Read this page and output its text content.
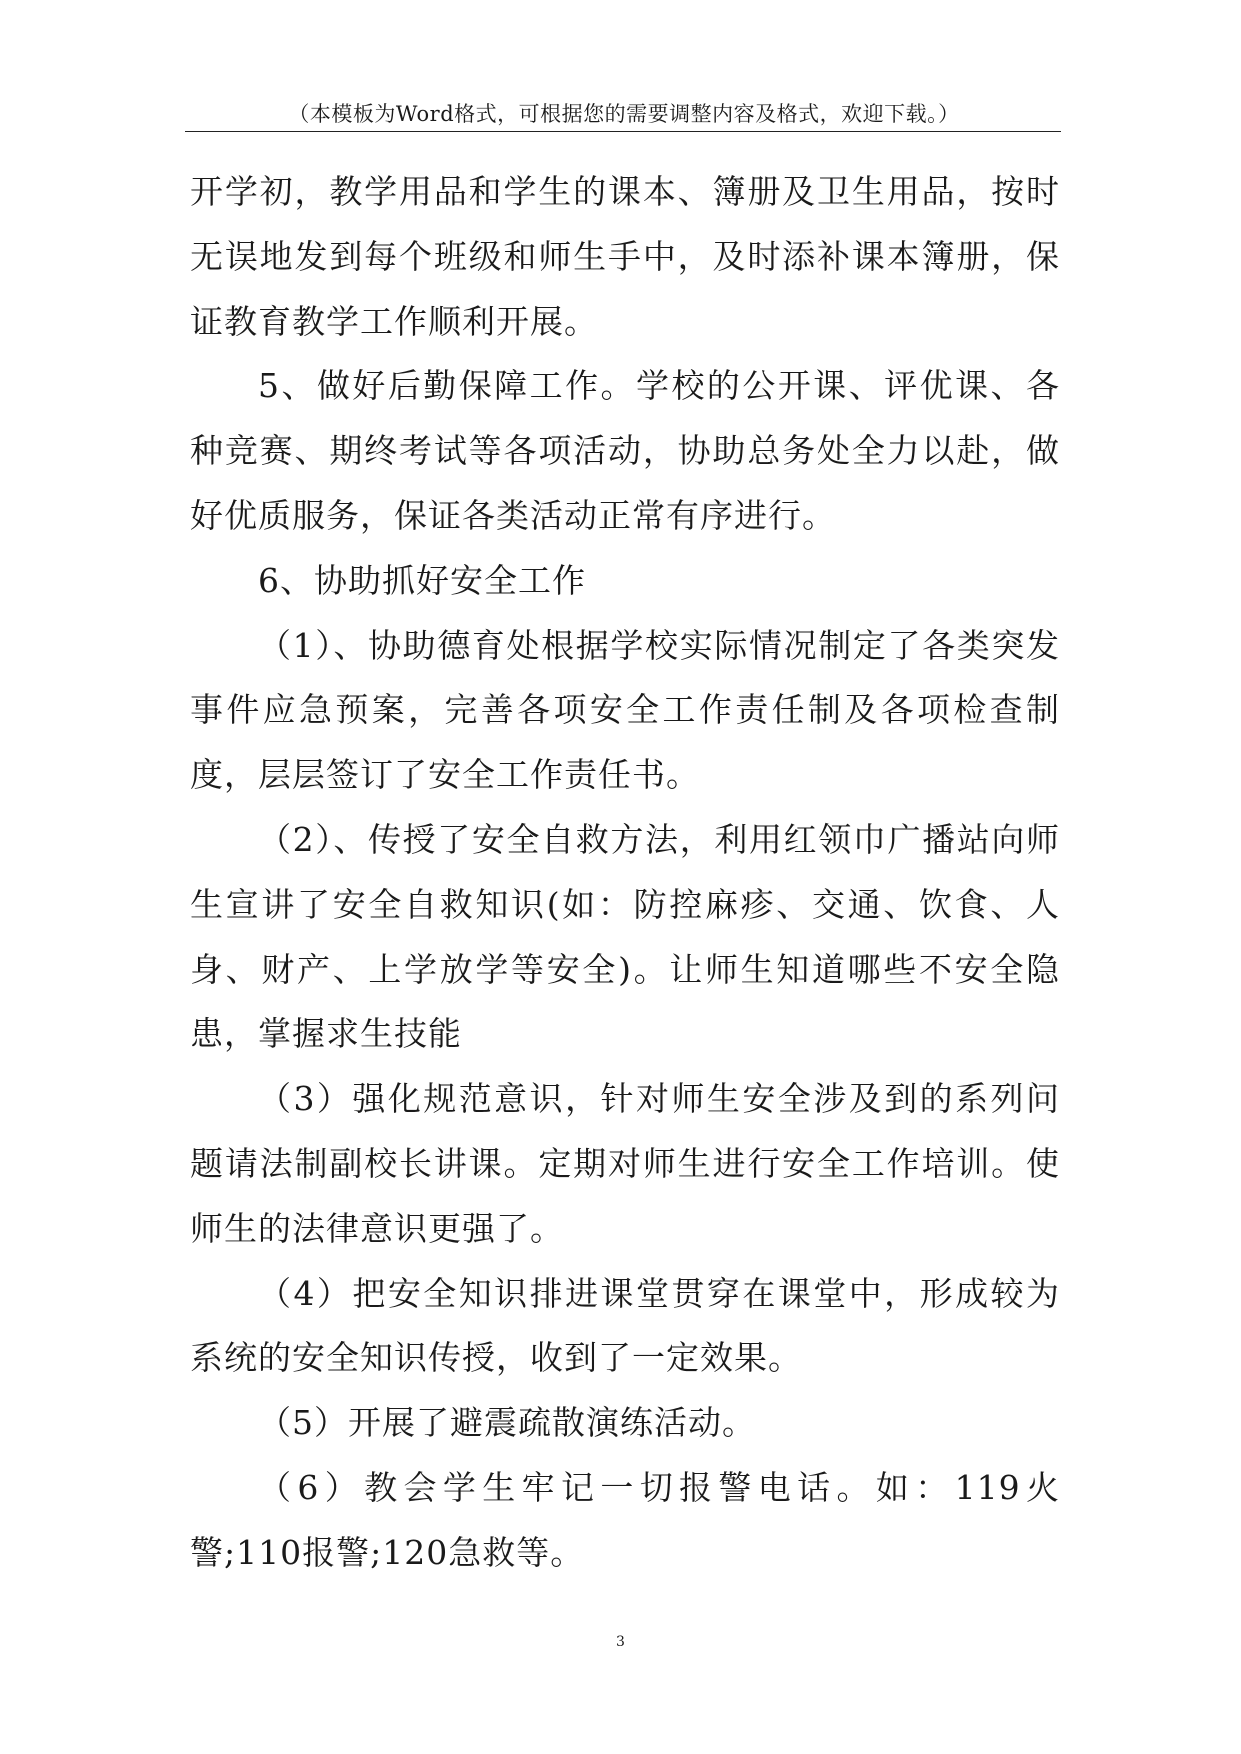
（本模板为Word格式，可根据您的需要调整内容及格式，欢迎下载。）

开学初，教学用品和学生的课本、簿册及卫生用品，按时无误地发到每个班级和师生手中，及时添补课本簿册，保证教育教学工作顺利开展。

5、做好后勤保障工作。学校的公开课、评优课、各种竞赛、期终考试等各项活动，协助总务处全力以赴，做好优质服务，保证各类活动正常有序进行。

6、协助抓好安全工作

（1）、协助德育处根据学校实际情况制定了各类突发事件应急预案，完善各项安全工作责任制及各项检查制度，层层签订了安全工作责任书。

（2）、传授了安全自救方法，利用红领巾广播站向师生宣讲了安全自救知识(如：防控麻疹、交通、饮食、人身、财产、上学放学等安全)。让师生知道哪些不安全隐患，掌握求生技能

（3）强化规范意识，针对师生安全涉及到的系列问题请法制副校长讲课。定期对师生进行安全工作培训。使师生的法律意识更强了。

（4）把安全知识排进课堂贯穿在课堂中，形成较为系统的安全知识传授，收到了一定效果。

（5）开展了避震疏散演练活动。

（6）教会学生牢记一切报警电话。如：119火警;110报警;120急救等。

3
